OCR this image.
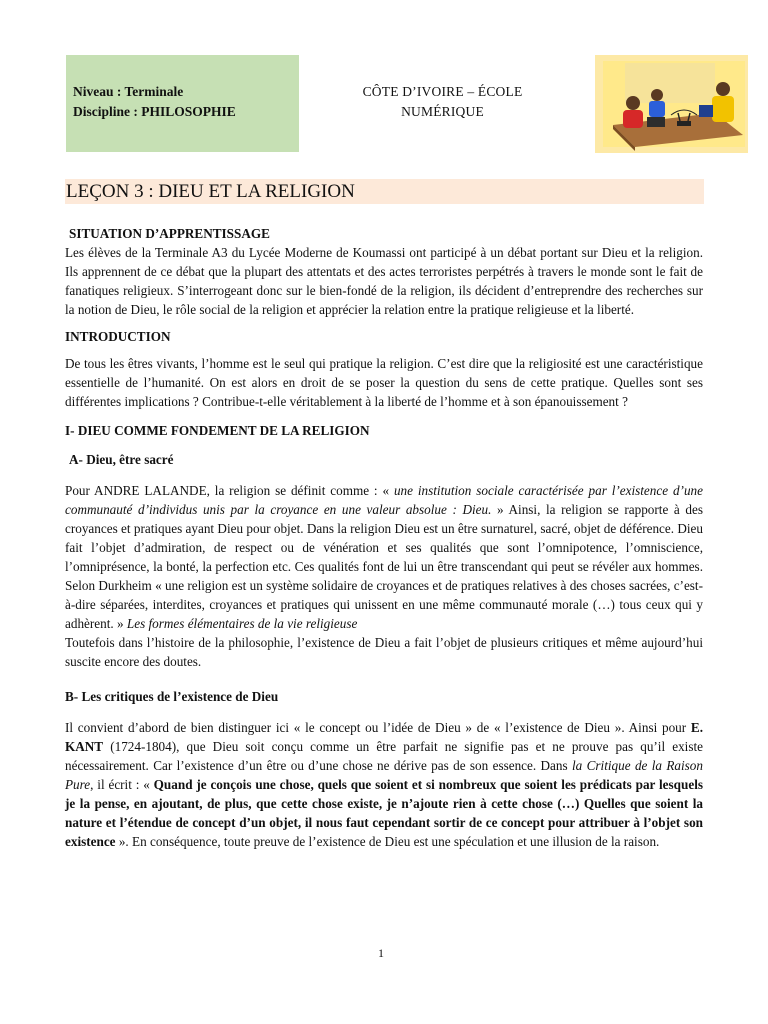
Niveau : Terminale
Discipline : PHILOSOPHIE
CÔTE D’IVOIRE – ÉCOLE
NUMÉRIQUE
LEÇON 3 : DIEU ET LA RELIGION

SITUATION D’APPRENTISSAGE

Les élèves de la Terminale A3 du Lycée Moderne de Koumassi ont participé à un débat portant sur Dieu et la religion. Ils apprennent de ce débat que la plupart des attentats et des actes terroristes perpétrés à travers le monde sont le fait de fanatiques religieux. S’interrogeant donc sur le bien-fondé de la religion, ils décident d’entreprendre des recherches sur la notion de Dieu, le rôle social de la religion et apprécier la relation entre la pratique religieuse et la liberté.

INTRODUCTION

De tous les êtres vivants, l’homme est le seul qui pratique la religion. C’est dire que la religiosité est une caractéristique essentielle de l’humanité. On est alors en droit de se poser la question du sens de cette pratique. Quelles sont ses différentes implications ? Contribue-t-elle véritablement à la liberté de l’homme et à son épanouissement ?

I- DIEU COMME FONDEMENT DE LA RELIGION

A- Dieu, être sacré

Pour ANDRE LALANDE, la religion se définit comme : « une institution sociale caractérisée par l’existence d’une communauté d’individus unis par la croyance en une valeur absolue : Dieu. » Ainsi, la religion se rapporte à des croyances et pratiques ayant Dieu pour objet. Dans la religion Dieu est un être surnaturel, sacré, objet de déférence. Dieu fait l’objet d’admiration, de respect ou de vénération et ses qualités que sont l’omnipotence, l’omniscience, l’omniprésence, la bonté, la perfection etc. Ces qualités font de lui un être transcendant qui peut se révéler aux hommes. Selon Durkheim « une religion est un système solidaire de croyances et de pratiques relatives à des choses sacrées, c’est-à-dire séparées, interdites, croyances et pratiques qui unissent en une même communauté morale (…) tous ceux qui y adhèrent. » Les formes élémentaires de la vie religieuse

Toutefois dans l’histoire de la philosophie, l’existence de Dieu a fait l’objet de plusieurs critiques et même aujourd’hui suscite encore des doutes.

B- Les critiques de l’existence de Dieu

Il convient d’abord de bien distinguer ici « le concept ou l’idée de Dieu » de « l’existence de Dieu ». Ainsi pour E. KANT (1724-1804), que Dieu soit conçu comme un être parfait ne signifie pas et ne prouve pas qu’il existe nécessairement. Car l’existence d’un être ou d’une chose ne dérive pas de son essence. Dans la Critique de la Raison Pure, il écrit : « Quand je conçois une chose, quels que soient et si nombreux que soient les prédicats par lesquels je la pense, en ajoutant, de plus, que cette chose existe, je n’ajoute rien à cette chose (…) Quelles que soient la nature et l’étendue de concept d’un objet, il nous faut cependant sortir de ce concept pour attribuer à l’objet son existence ». En conséquence, toute preuve de l’existence de Dieu est une spéculation et une illusion de la raison.

1
